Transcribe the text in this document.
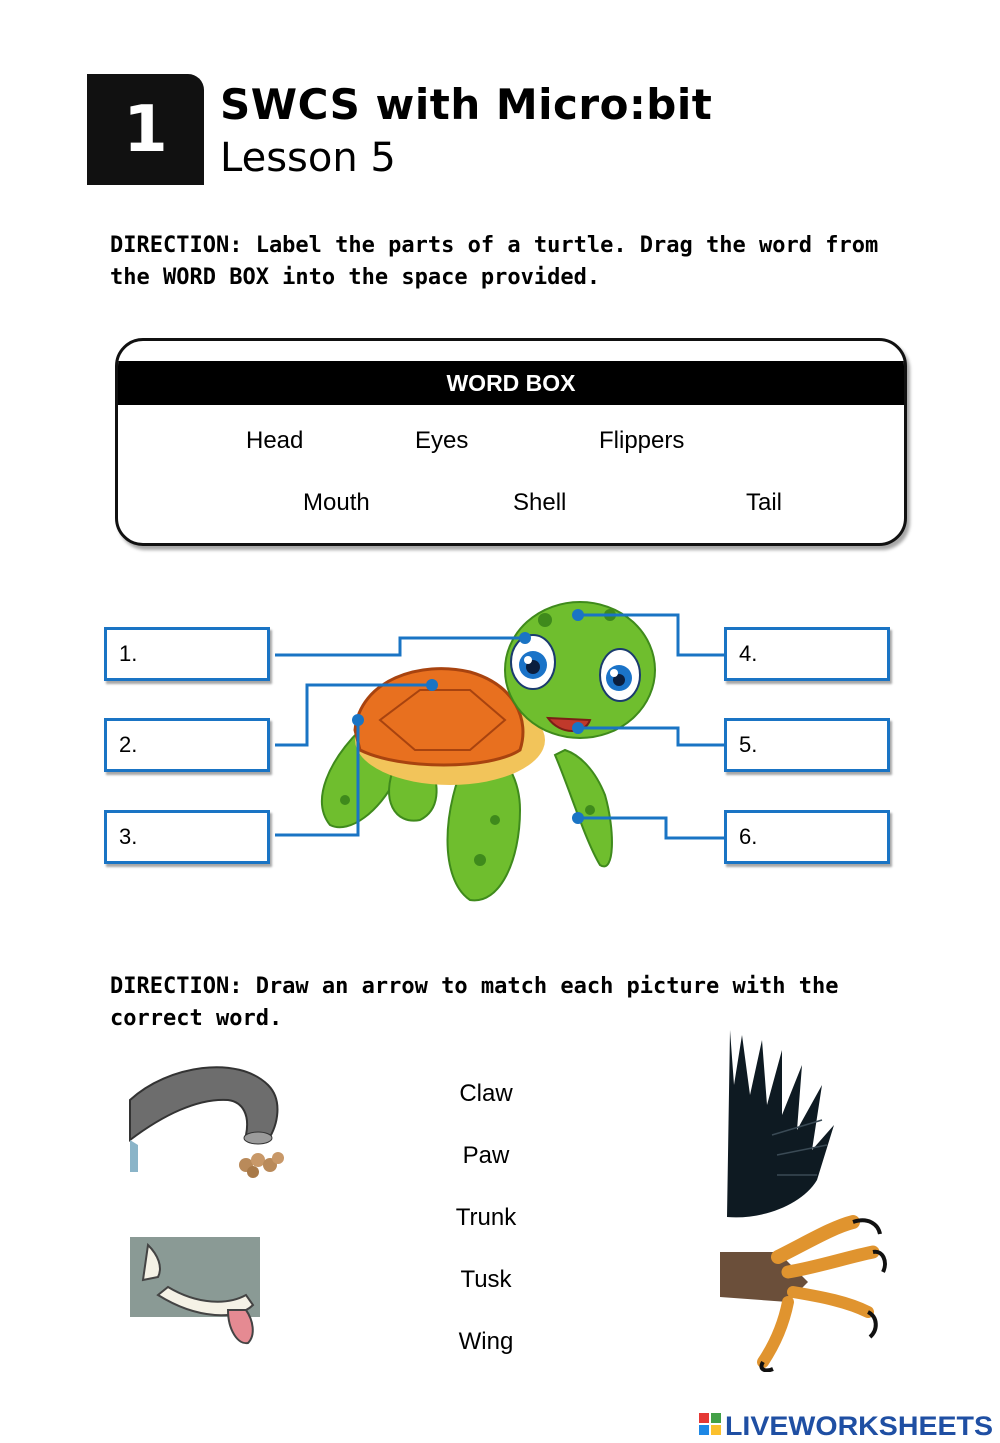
1 SWCS with Micro:bit
Lesson 5
DIRECTION: Label the parts of a turtle. Drag the word from
the WORD BOX into the space provided.
WORD BOX
Head	Eyes	Flippers
Mouth	Shell	Tail
1.
2.
3.
4.
5.
6.
DIRECTION: Draw an arrow to match each picture with the
correct word.
Claw
Paw
Trunk
Tusk
Wing
LIVEWORKSHEETS
